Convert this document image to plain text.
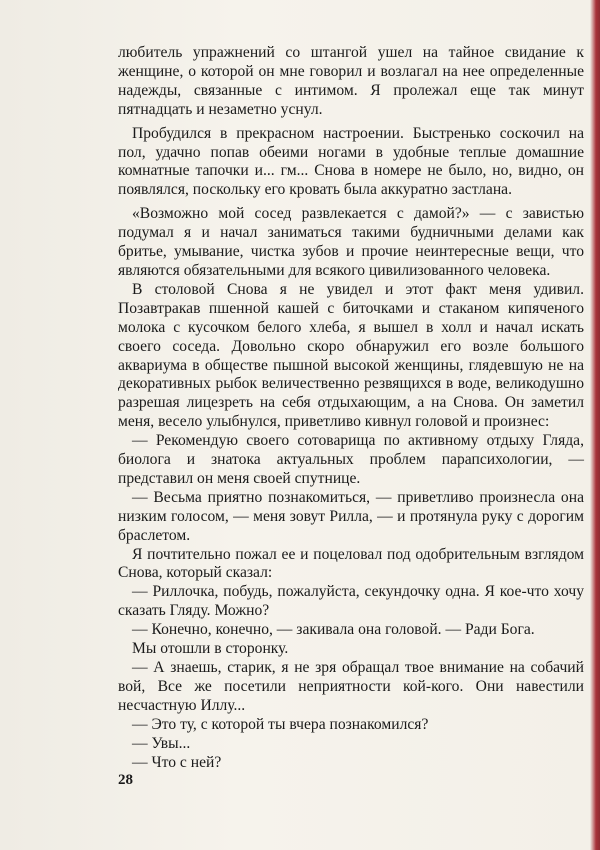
любитель упражнений со штангой ушел на тайное свидание к женщине, о которой он мне говорил и возлагал на нее определенные надежды, связанные с интимом. Я пролежал еще так минут пятнадцать и незаметно уснул.

Пробудился в прекрасном настроении. Быстренько соскочил на пол, удачно попав обеими ногами в удобные теплые домашние комнатные тапочки и... гм... Снова в номере не было, но, видно, он появлялся, поскольку его кровать была аккуратно застлана.

«Возможно мой сосед развлекается с дамой?» — с завистью подумал я и начал заниматься такими будничными делами как бритье, умывание, чистка зубов и прочие неинтересные вещи, что являются обязательными для всякого цивилизованного человека.

В столовой Снова я не увидел и этот факт меня удивил. Позавтракав пшенной кашей с биточками и стаканом кипяченого молока с кусочком белого хлеба, я вышел в холл и начал искать своего соседа. Довольно скоро обнаружил его возле большого аквариума в обществе пышной высокой женщины, глядевшую не на декоративных рыбок величественно резвящихся в воде, великодушно разрешая лицезреть на себя отдыхающим, а на Снова. Он заметил меня, весело улыбнулся, приветливо кивнул головой и произнес:

— Рекомендую своего сотоварища по активному отдыху Гляда, биолога и знатока актуальных проблем парапсихологии, — представил он меня своей спутнице.

— Весьма приятно познакомиться, — приветливо произнесла она низким голосом, — меня зовут Рилла, — и протянула руку с дорогим браслетом.

Я почтительно пожал ее и поцеловал под одобрительным взглядом Снова, который сказал:

— Риллочка, побудь, пожалуйста, секундочку одна. Я кое-что хочу сказать Гляду. Можно?

— Конечно, конечно, — закивала она головой. — Ради Бога.

Мы отошли в сторонку.

— А знаешь, старик, я не зря обращал твое внимание на собачий вой, Все же посетили неприятности кой-кого. Они навестили несчастную Иллу...

— Это ту, с которой ты вчера познакомился?

— Увы...

— Что с ней?

28
